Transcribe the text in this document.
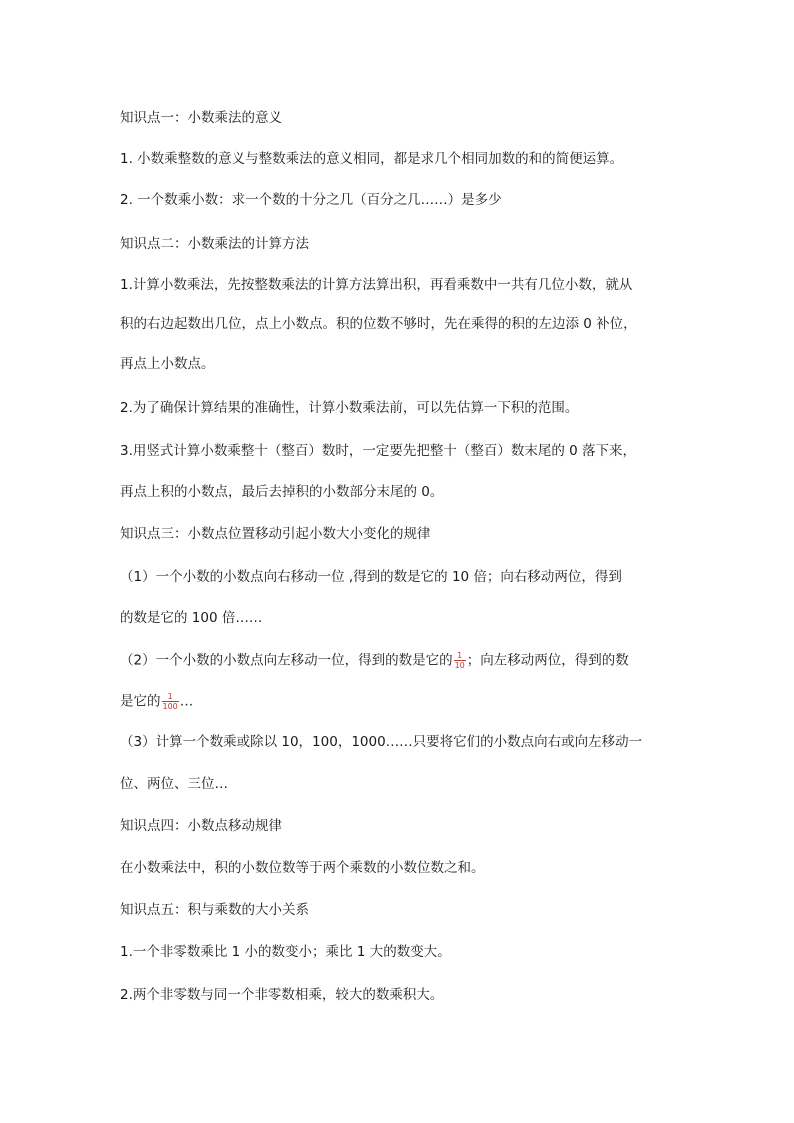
知识点一：小数乘法的意义
1. 小数乘整数的意义与整数乘法的意义相同，都是求几个相同加数的和的简便运算。
2. 一个数乘小数：求一个数的十分之几（百分之几……）是多少
知识点二：小数乘法的计算方法
1.计算小数乘法，先按整数乘法的计算方法算出积，再看乘数中一共有几位小数，就从
积的右边起数出几位，点上小数点。积的位数不够时，先在乘得的积的左边添 0 补位，
再点上小数点。
2.为了确保计算结果的准确性，计算小数乘法前，可以先估算一下积的范围。
3.用竖式计算小数乘整十（整百）数时，一定要先把整十（整百）数末尾的 0 落下来，
再点上积的小数点，最后去掉积的小数部分末尾的 0。
知识点三：小数点位置移动引起小数大小变化的规律
（1）一个小数的小数点向右移动一位 ,得到的数是它的 10 倍；向右移动两位，得到
的数是它的 100 倍……
（2）一个小数的小数点向左移动一位，得到的数是它的 $\frac{1}{10}$ ；向左移动两位，得到的数
是它的 $\frac{1}{100}$ …
（3）计算一个数乘或除以 10，100，1000……只要将它们的小数点向右或向左移动一
位、两位、三位…
知识点四：小数点移动规律
在小数乘法中，积的小数位数等于两个乘数的小数位数之和。
知识点五：积与乘数的大小关系
1.一个非零数乘比 1 小的数变小；乘比 1 大的数变大。
2.两个非零数与同一个非零数相乘，较大的数乘积大。
